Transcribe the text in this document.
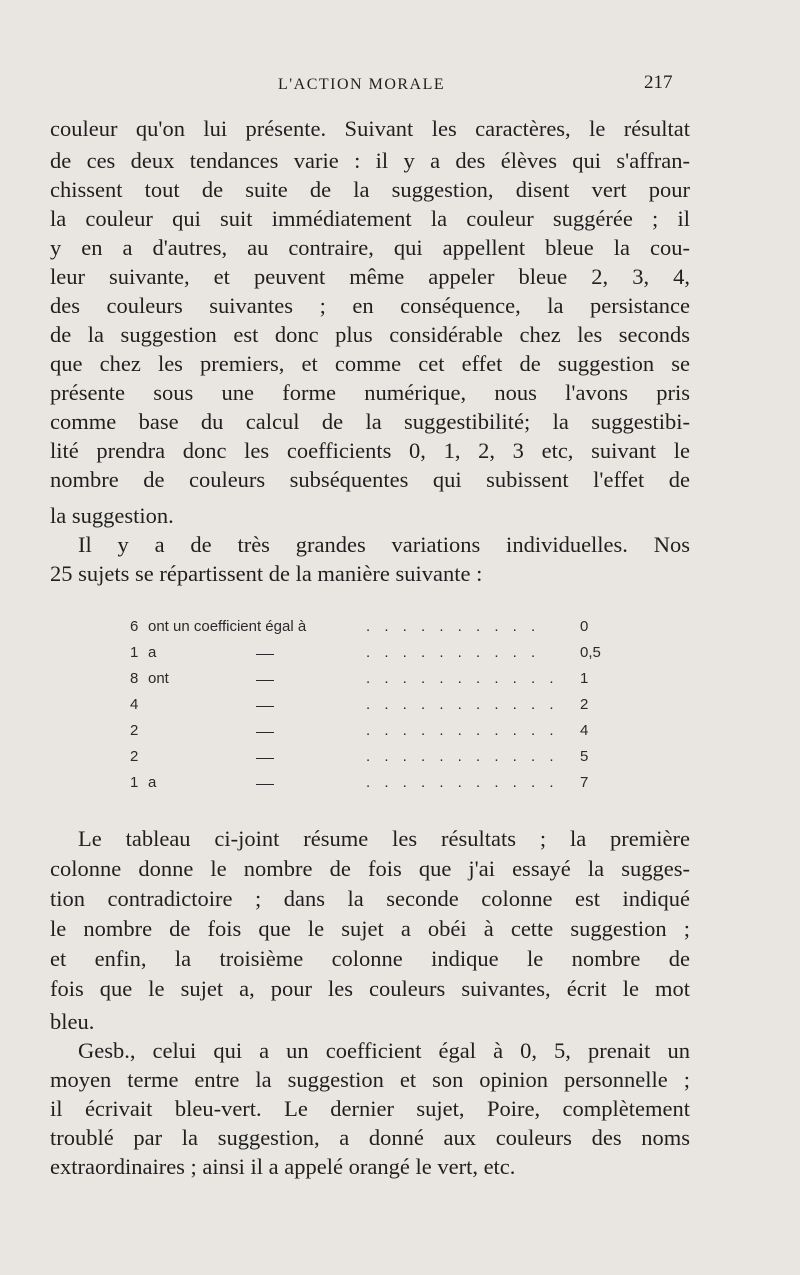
L'ACTION MORALE	217
couleur qu'on lui présente. Suivant les caractères, le résultat
de ces deux tendances varie : il y a des élèves qui s'affran-
chissent tout de suite de la suggestion, disent vert pour
la couleur qui suit immédiatement la couleur suggérée ; il
y en a d'autres, au contraire, qui appellent bleue la cou-
leur suivante, et peuvent même appeler bleue 2, 3, 4,
des couleurs suivantes ; en conséquence, la persistance
de la suggestion est donc plus considérable chez les seconds
que chez les premiers, et comme cet effet de suggestion se
présente sous une forme numérique, nous l'avons pris
comme base du calcul de la suggestibilité; la suggestibi-
lité prendra donc les coefficients 0, 1, 2, 3 etc, suivant le
nombre de couleurs subséquentes qui subissent l'effet de
la suggestion.
Il y a de très grandes variations individuelles. Nos
25 sujets se répartissent de la manière suivante :
6 ont un coefficient égal à	. . . . . . . . . .	0
1 a	. . . . . . . . . .	0,5
8 ont	. . . . . . . . . . . 1
4	. . . . . . . . . . . 2
2	. . . . . . . . . . . 4
2	. . . . . . . . . . . 5
1 a	. . . . . . . . . . . 7
Le tableau ci-joint résume les résultats ; la première
colonne donne le nombre de fois que j'ai essayé la sugges-
tion contradictoire ; dans la seconde colonne est indiqué
le nombre de fois que le sujet a obéi à cette suggestion ;
et enfin, la troisième colonne indique le nombre de
fois que le sujet a, pour les couleurs suivantes, écrit le mot
bleu.
Gesb., celui qui a un coefficient égal à 0, 5, prenait un
moyen terme entre la suggestion et son opinion personnelle ;
il écrivait bleu-vert. Le dernier sujet, Poire, complètement
troublé par la suggestion, a donné aux couleurs des noms
extraordinaires ; ainsi il a appelé orangé le vert, etc.
